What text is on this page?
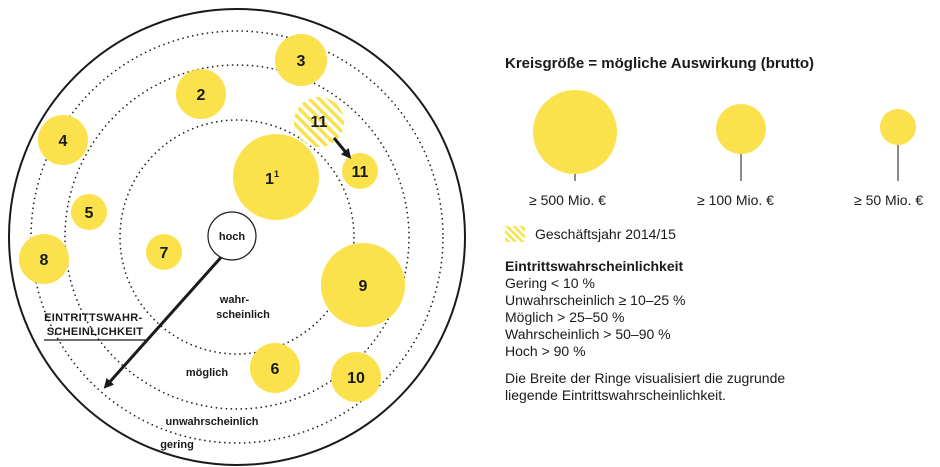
$1^1$
2
3
4
5
6
7
8
9
10
11
11
hoch
wahr- scheinlich
möglich
unwahrscheinlich
gering
EINTRITTSWAHR- SCHEINLICHKEIT
Kreisgröße = mögliche Auswirkung (brutto)
≥ 500 Mio. €	≥ 100 Mio. €	≥ 50 Mio. €
Geschäftsjahr 2014/15
Eintrittswahrscheinlichkeit
Gering < 10 %
Unwahrscheinlich ≥ 10–25 %
Möglich > 25–50 %
Wahrscheinlich > 50–90 %
Hoch > 90 %
Die Breite der Ringe visualisiert die zugrunde liegende Eintrittswahrscheinlichkeit.
